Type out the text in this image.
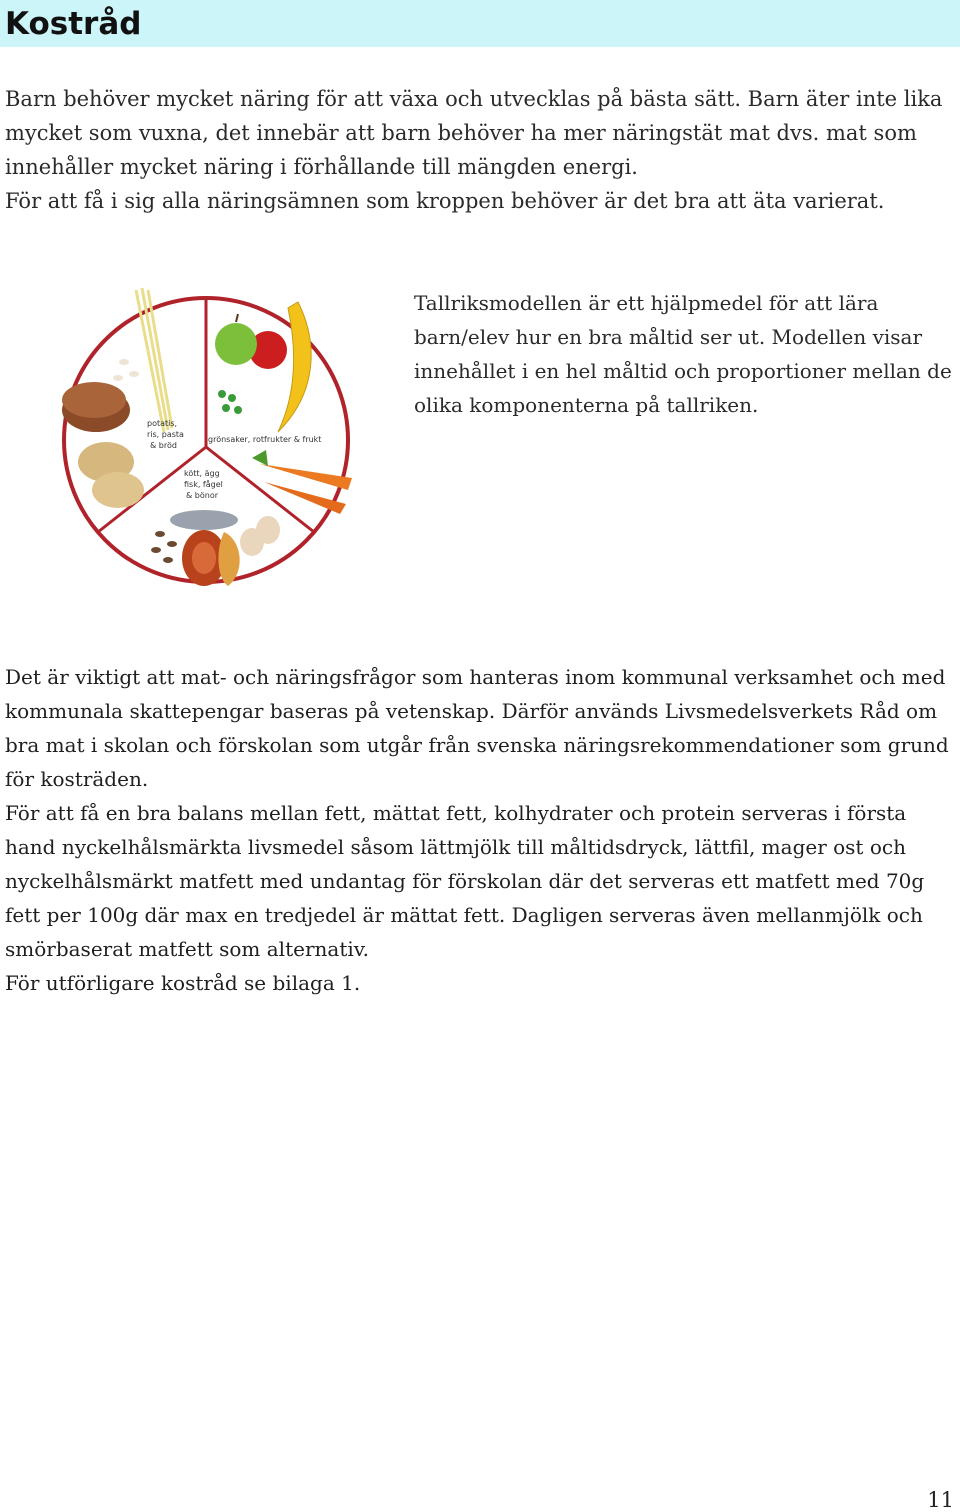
Kostråd

Barn behöver mycket näring för att växa och utvecklas på bästa sätt. Barn äter inte lika mycket som vuxna, det innebär att barn behöver ha mer näringstät mat dvs. mat som innehåller mycket näring i förhållande till mängden energi.

För att få i sig alla näringsämnen som kroppen behöver är det bra att äta varierat.

potatis,
ris, pasta
& bröd
grönsaker, rotfrukter & frukt
kött, ägg
fisk, fågel
& bönor

Tallriksmodellen är ett hjälpmedel för att lära barn/elev hur en bra måltid ser ut. Modellen visar innehållet i en hel måltid och proportioner mellan de olika komponenterna på tallriken.

Det är viktigt att mat- och näringsfrågor som hanteras inom kommunal verksamhet och med kommunala skattepengar baseras på vetenskap. Därför används Livsmedelsverkets Råd om bra mat i skolan och förskolan som utgår från svenska näringsrekommendationer som grund för kosträden.

För att få en bra balans mellan fett, mättat fett, kolhydrater och protein serveras i första hand nyckelhålsmärkta livsmedel såsom lättmjölk till måltidsdryck, lättfil, mager ost och nyckelhålsmärkt matfett med undantag för förskolan där det serveras ett matfett med 70g fett per 100g där max en tredjedel är mättat fett. Dagligen serveras även mellanmjölk och smörbaserat matfett som alternativ.

För utförligare kostråd se bilaga 1.

11
